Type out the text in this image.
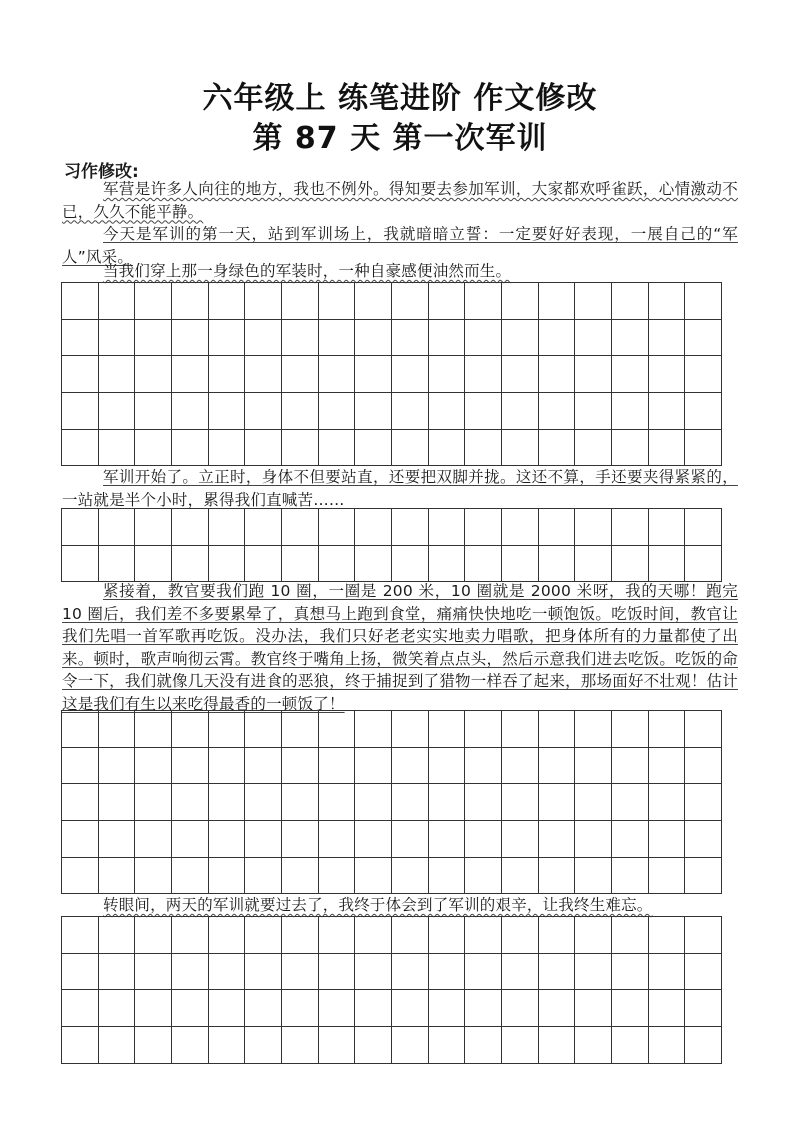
六年级上 练笔进阶 作文修改
第 87 天 第一次军训
习作修改:
军营是许多人向往的地方，我也不例外。得知要去参加军训，大家都欢呼雀跃，心情激动不已，久久不能平静。
今天是军训的第一天，站到军训场上，我就暗暗立誓：一定要好好表现，一展自己的“军人”风采。
当我们穿上那一身绿色的军装时，一种自豪感便油然而生。
军训开始了。立正时，身体不但要站直，还要把双脚并拢。这还不算，手还要夹得紧紧的，一站就是半个小时，累得我们直喊苦……
紧接着，教官要我们跑 10 圈，一圈是 200 米，10 圈就是 2000 米呀，我的天哪！跑完 10 圈后，我们差不多要累晕了，真想马上跑到食堂，痛痛快快地吃一顿饱饭。吃饭时间，教官让我们先唱一首军歌再吃饭。没办法，我们只好老老实实地卖力唱歌，把身体所有的力量都使了出来。顿时，歌声响彻云霄。教官终于嘴角上扬，微笑着点点头，然后示意我们进去吃饭。吃饭的命令一下，我们就像几天没有进食的恶狼，终于捕捉到了猎物一样吞了起来，那场面好不壮观！估计这是我们有生以来吃得最香的一顿饭了！
转眼间，两天的军训就要过去了，我终于体会到了军训的艰辛，让我终生难忘。
